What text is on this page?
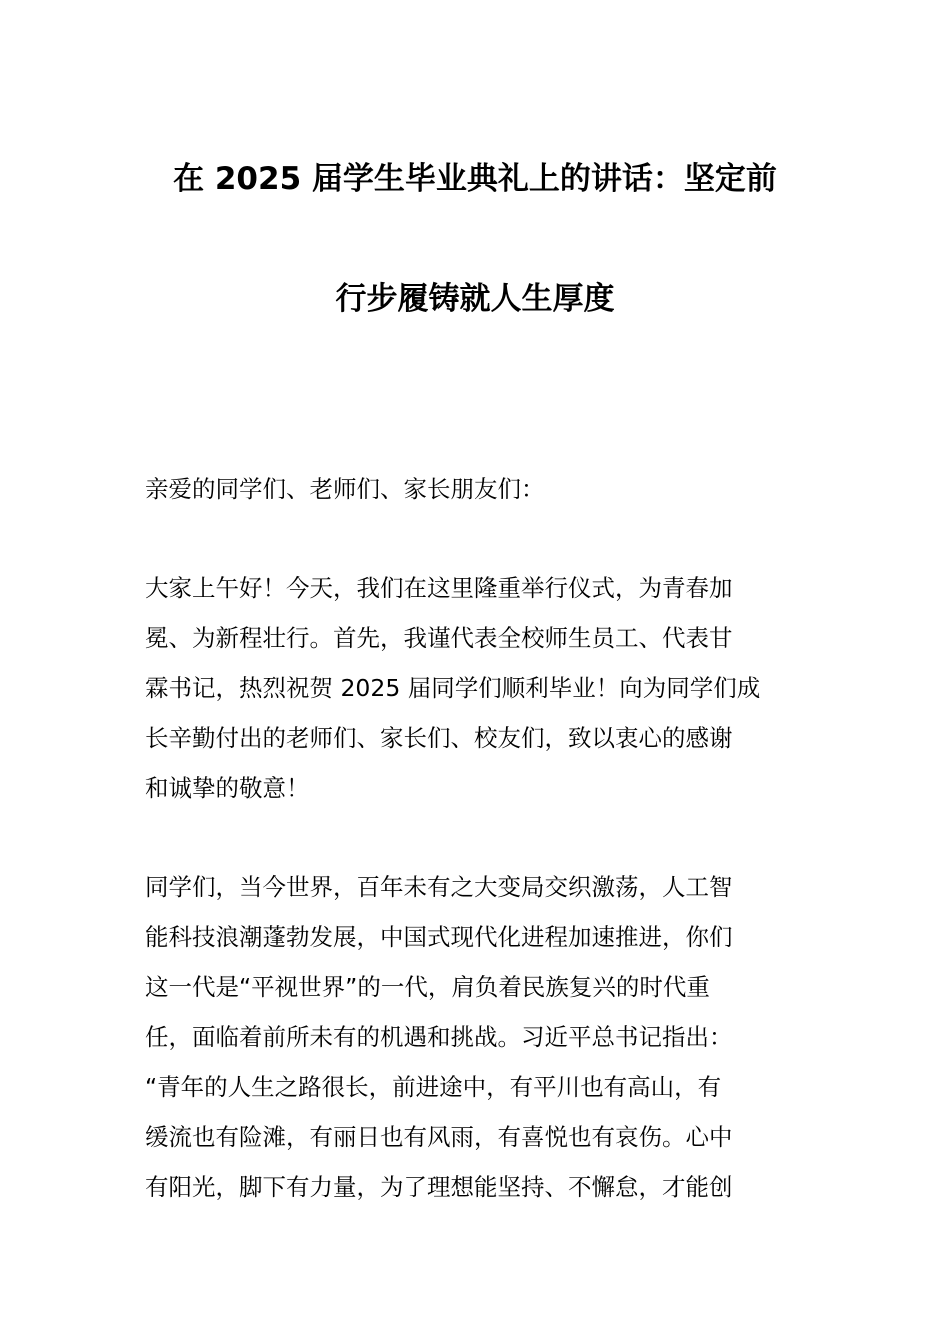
在 2025 届学生毕业典礼上的讲话：坚定前
行步履铸就人生厚度
亲爱的同学们、老师们、家长朋友们：
大家上午好！今天，我们在这里隆重举行仪式，为青春加
冕、为新程壮行。首先，我谨代表全校师生员工、代表甘
霖书记，热烈祝贺 2025 届同学们顺利毕业！向为同学们成
长辛勤付出的老师们、家长们、校友们，致以衷心的感谢
和诚挚的敬意！
同学们，当今世界，百年未有之大变局交织激荡，人工智
能科技浪潮蓬勃发展，中国式现代化进程加速推进，你们
这一代是“平视世界”的一代，肩负着民族复兴的时代重
任，面临着前所未有的机遇和挑战。习近平总书记指出：
“青年的人生之路很长，前进途中，有平川也有高山，有
缓流也有险滩，有丽日也有风雨，有喜悦也有哀伤。心中
有阳光，脚下有力量，为了理想能坚持、不懈怠，才能创
